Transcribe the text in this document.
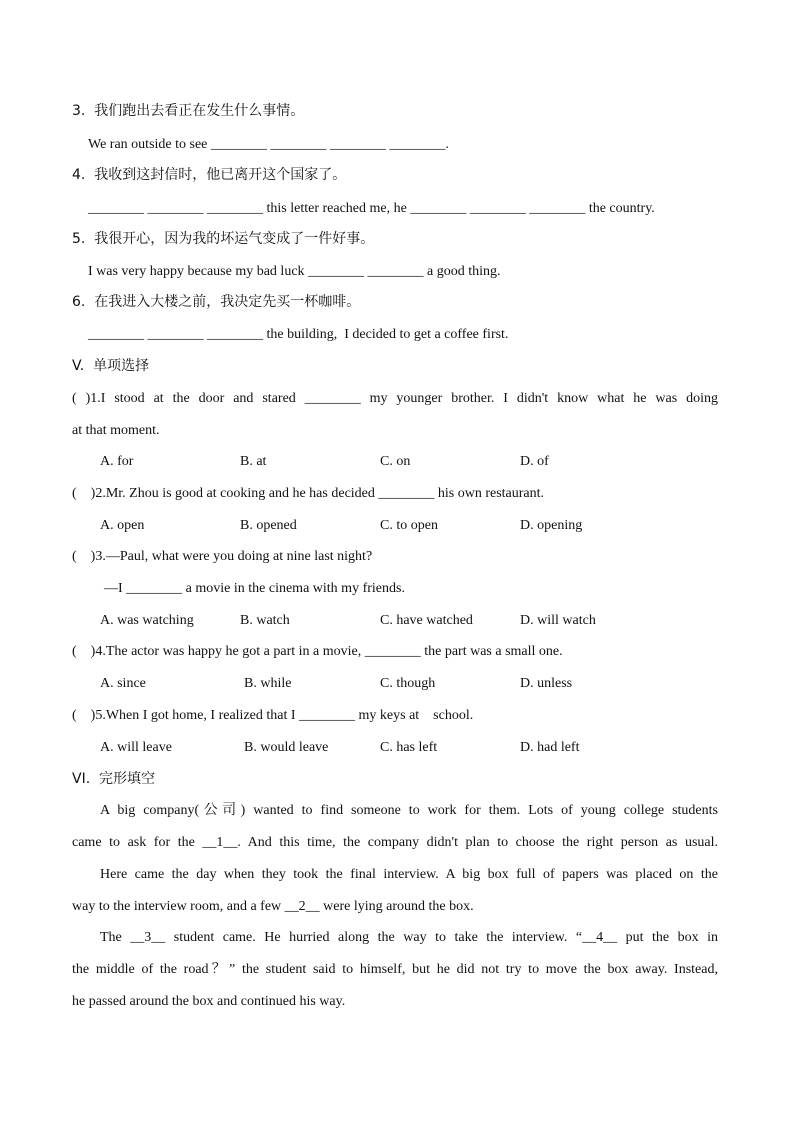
3.  我们跑出去看正在发生什么事情。
We ran outside to see ________ ________ ________ ________.
4.  我收到这封信时，他已离开这个国家了。
________ ________ ________ this letter reached me, he ________ ________ ________ the country.
5.  我很开心，因为我的坏运气变成了一件好事。
I was very happy because my bad luck ________ ________ a good thing.
6.  在我进入大楼之前，我决定先买一杯咖啡。
________ ________ ________ the building,  I decided to get a coffee first.
V.  单项选择
( )1.I stood at the door and stared ________ my younger brother. I didn't know what he was doing
at that moment.
A. for	B. at	C. on	D. of
(    )2.Mr. Zhou is good at cooking and he has decided ________ his own restaurant.
A. open	B. opened	C. to open	D. opening
(    )3.—Paul, what were you doing at nine last night?
—I ________ a movie in the cinema with my friends.
A. was watching	B. watch	C. have watched	D. will watch
(    )4.The actor was happy he got a part in a movie, ________ the part was a small one.
A. since	B. while	C. though	D. unless
(    )5.When I got home, I realized that I ________ my keys at    school.
A. will leave	B. would leave	C. has left	D. had left
VI.  完形填空
A big company(公司) wanted to find someone to work for them. Lots of young college students
came to ask for the __1__. And this time, the company didn't plan to choose the right person as usual.
Here came the day when they took the final interview. A big box full of papers was placed on the
way to the interview room, and a few __2__ were lying around the box.
The __3__ student came. He hurried along the way to take the interview. “__4__ put the box in
the middle of the road？” the student said to himself, but he did not try to move the box away. Instead,
he passed around the box and continued his way.
